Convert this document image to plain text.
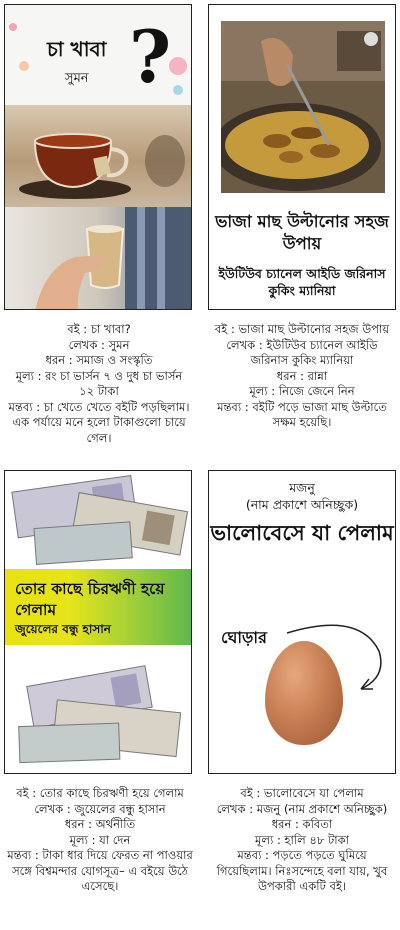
চা খাবা
সুমন ?
ভাজা মাছ উল্টানোর সহজ উপায়
ইউটিউব চ্যানেল আইডি জরিনাস কুকিং ম্যানিয়া
বই : চা খাবা?
লেখক : সুমন
ধরন : সমাজ ও সংস্কৃতি
মূল্য : রং চা ভার্সন ৭ ও দুধ চা ভার্সন ১২ টাকা
মন্তব্য : চা খেতে খেতে বইটি পড়ছিলাম। এক পর্যায়ে মনে হলো টাকাগুলো চায়ে গেল।
বই : ভাজা মাছ উল্টানোর সহজ উপায়
লেখক : ইউটিউব চ্যানেল আইডি জরিনাস কুকিং ম্যানিয়া
ধরন : রান্না
মূল্য : নিজে জেনে নিন
মন্তব্য : বইটি পড়ে ভাজা মাছ উল্টাতে সক্ষম হয়েছি।
তোর কাছে চিরঋণী হয়ে গেলাম
জুয়েলের বন্ধু হাসান
মজনু
(নাম প্রকাশে অনিচ্ছুক)
ভালোবেসে যা পেলাম
ঘোড়ার
বই : তোর কাছে চিরঋণী হয়ে গেলাম
লেখক : জুয়েলের বন্ধু হাসান
ধরন : অর্থনীতি
মূল্য : যা দেন
মন্তব্য : টাকা ধার দিয়ে ফেরত না পাওয়ার সঙ্গে বিশ্বমন্দার যোগসূত্র– এ বইয়ে উঠে এসেছে।
বই : ভালোবেসে যা পেলাম
লেখক : মজনু (নাম প্রকাশে অনিচ্ছুক)
ধরন : কবিতা
মূল্য : হালি ৪৮ টাকা
মন্তব্য : পড়তে পড়তে ঘুমিয়ে গিয়েছিলাম। নিঃসন্দেহে বলা যায়, খুব উপকারী একটি বই।
